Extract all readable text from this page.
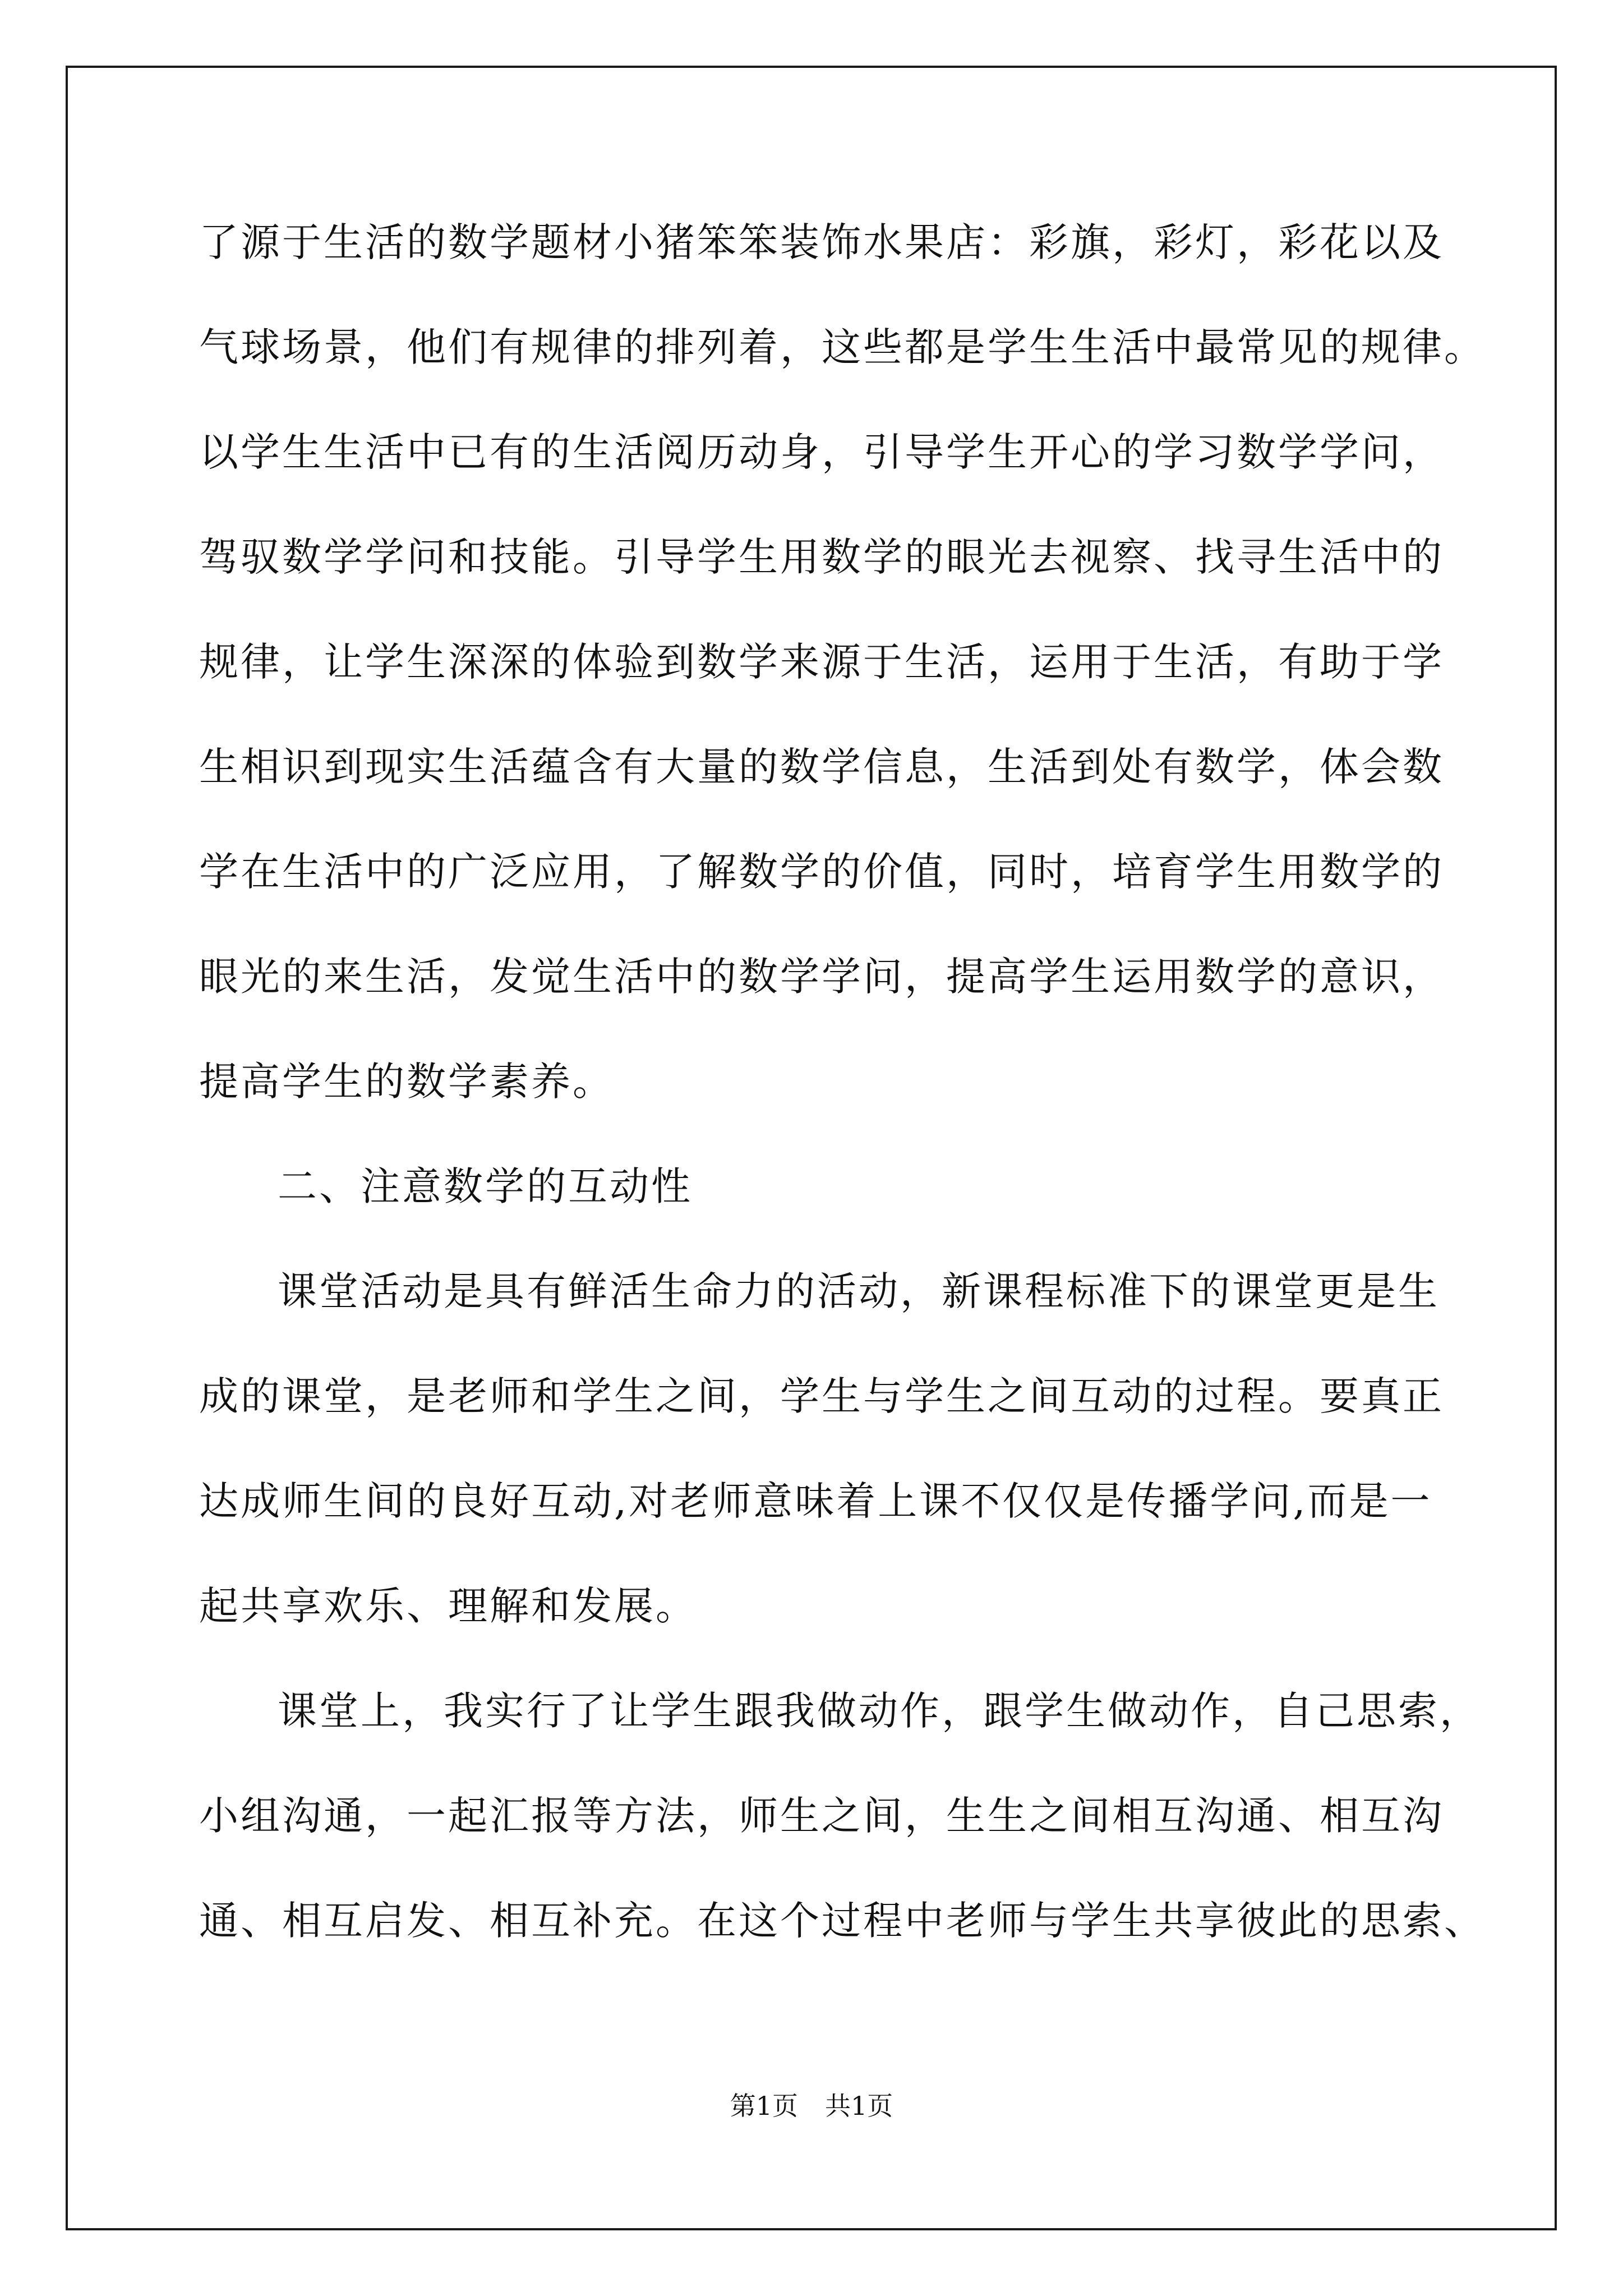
了源于生活的数学题材小猪笨笨装饰水果店：彩旗，彩灯，彩花以及
气球场景，他们有规律的排列着，这些都是学生生活中最常见的规律。
以学生生活中已有的生活阅历动身，引导学生开心的学习数学学问，
驾驭数学学问和技能。引导学生用数学的眼光去视察、找寻生活中的
规律，让学生深深的体验到数学来源于生活，运用于生活，有助于学
生相识到现实生活蕴含有大量的数学信息，生活到处有数学，体会数
学在生活中的广泛应用，了解数学的价值，同时，培育学生用数学的
眼光的来生活，发觉生活中的数学学问，提高学生运用数学的意识，
提高学生的数学素养。
二、注意数学的互动性
课堂活动是具有鲜活生命力的活动，新课程标准下的课堂更是生
成的课堂，是老师和学生之间，学生与学生之间互动的过程。要真正
达成师生间的良好互动,对老师意味着上课不仅仅是传播学问,而是一
起共享欢乐、理解和发展。
课堂上，我实行了让学生跟我做动作，跟学生做动作，自己思索，
小组沟通，一起汇报等方法，师生之间，生生之间相互沟通、相互沟
通、相互启发、相互补充。在这个过程中老师与学生共享彼此的思索、
第1页 共1页
